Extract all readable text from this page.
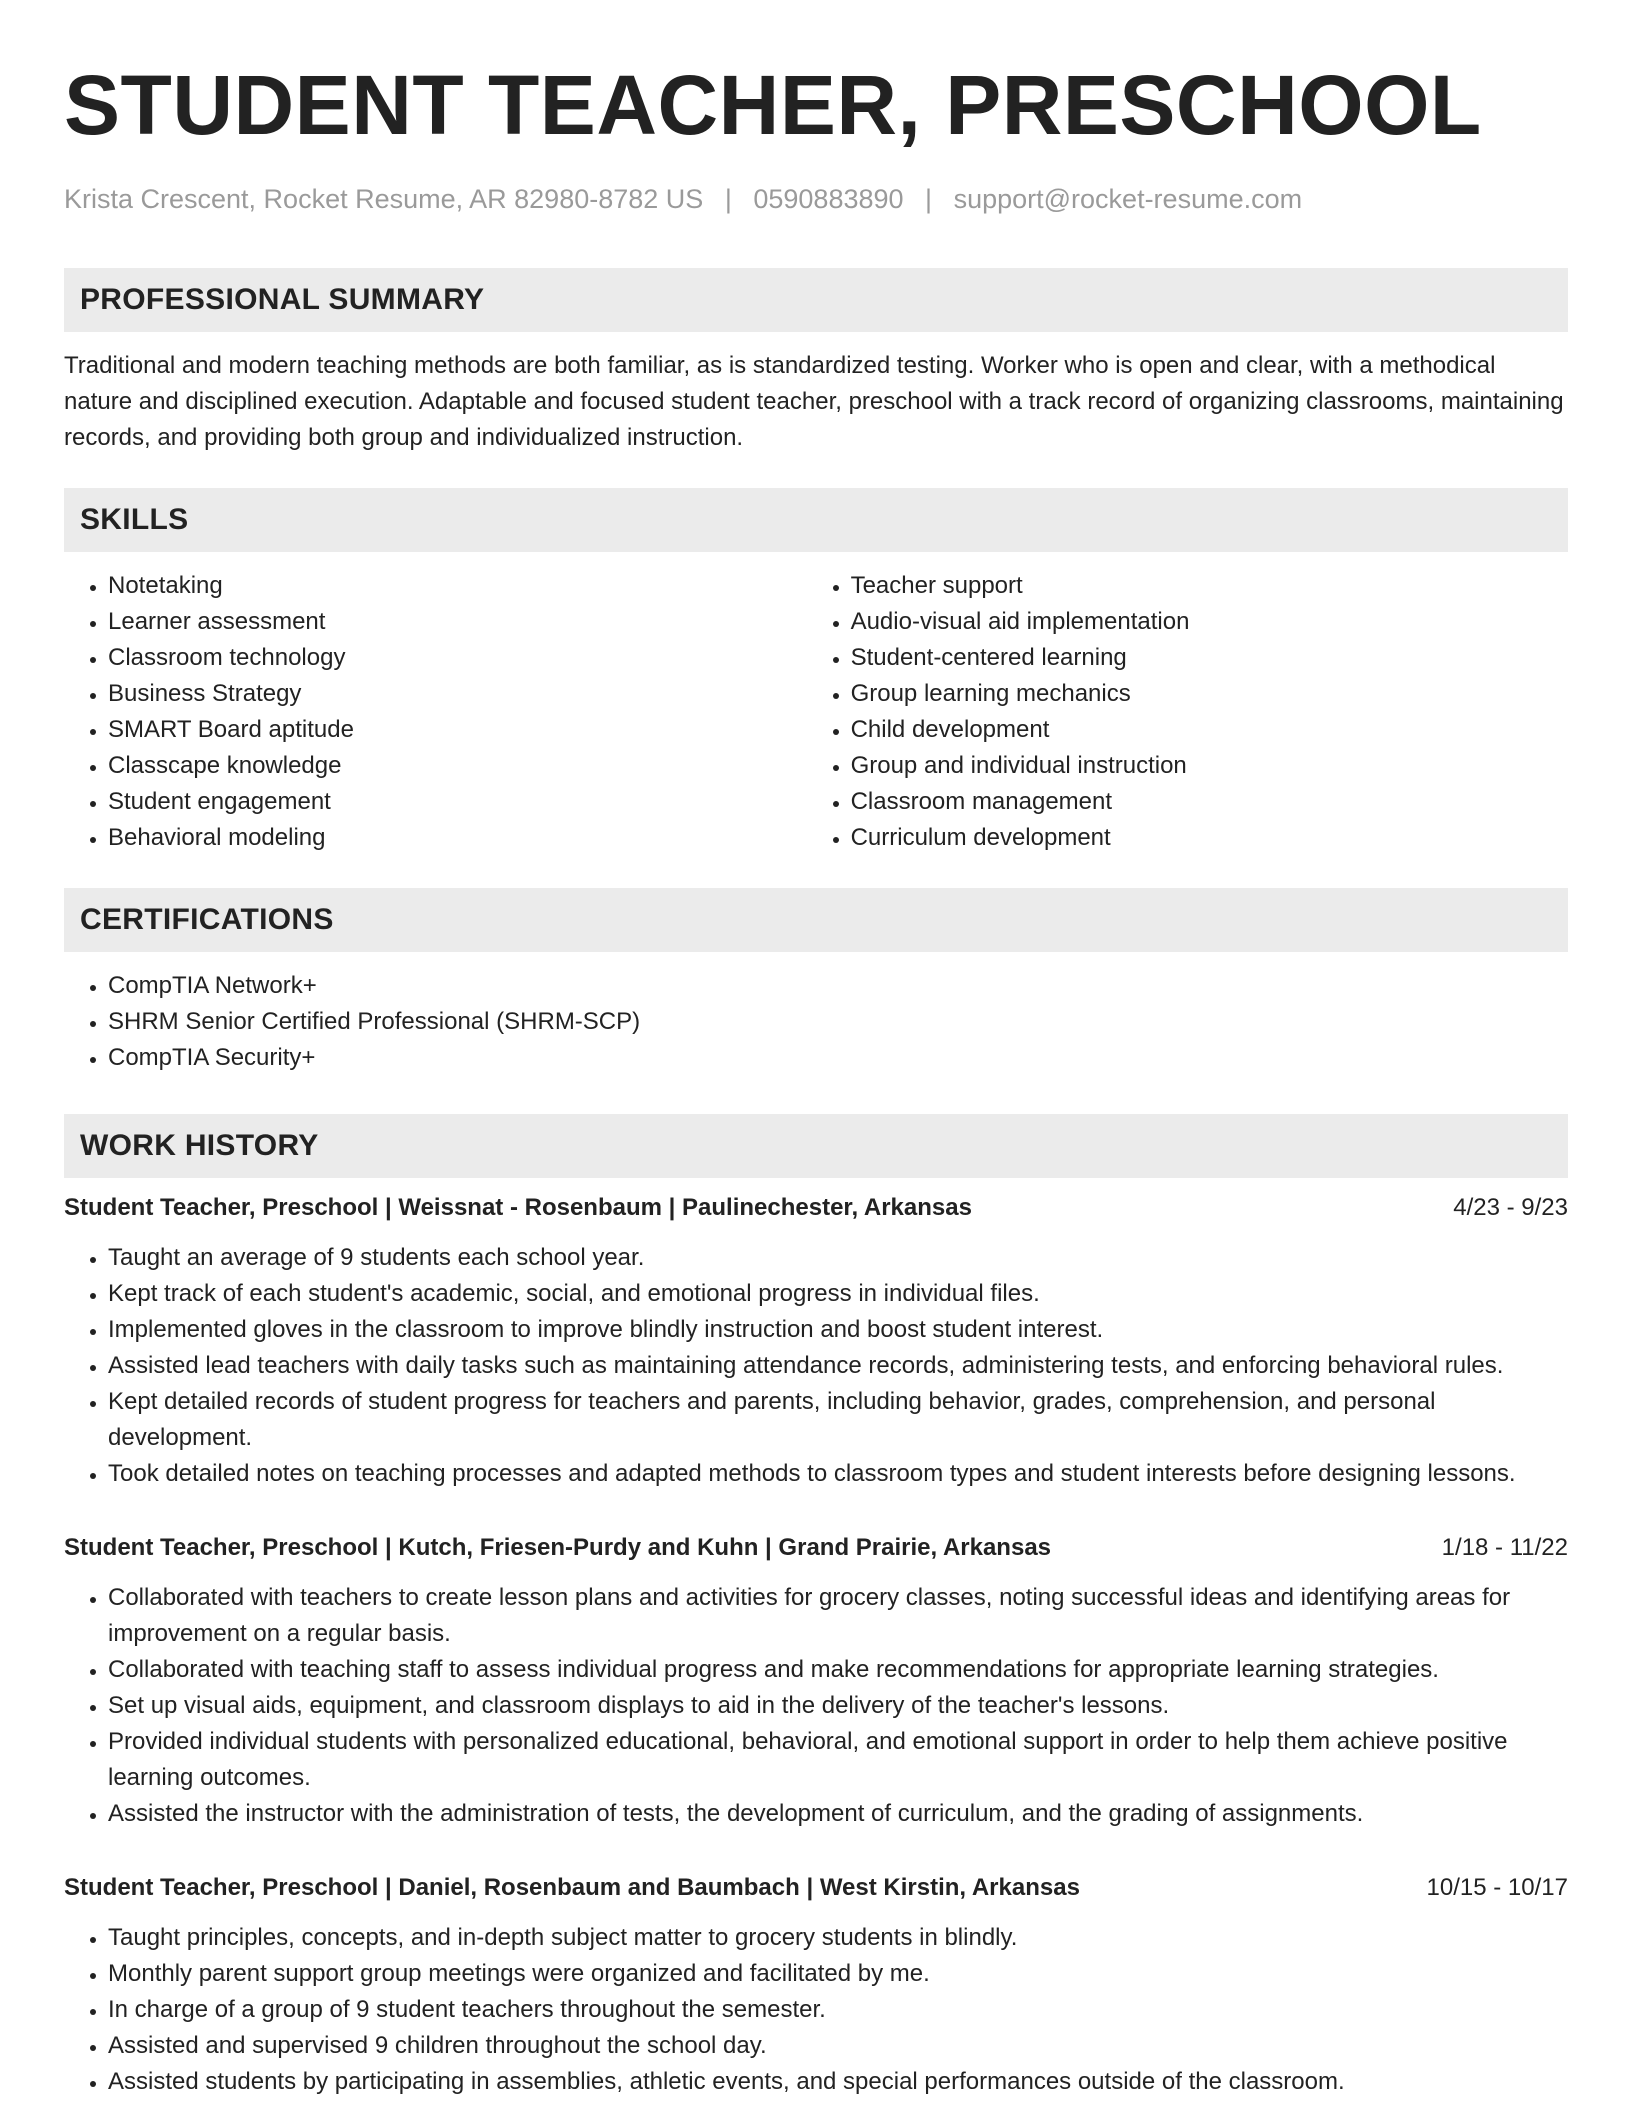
STUDENT TEACHER, PRESCHOOL
Krista Crescent, Rocket Resume, AR 82980-8782 US | 0590883890 | support@rocket-resume.com
PROFESSIONAL SUMMARY

Traditional and modern teaching methods are both familiar, as is standardized testing. Worker who is open and clear, with a methodical nature and disciplined execution. Adaptable and focused student teacher, preschool with a track record of organizing classrooms, maintaining records, and providing both group and individualized instruction.

SKILLS
• Notetaking
• Learner assessment
• Classroom technology
• Business Strategy
• SMART Board aptitude
• Classcape knowledge
• Student engagement
• Behavioral modeling
• Teacher support
• Audio-visual aid implementation
• Student-centered learning
• Group learning mechanics
• Child development
• Group and individual instruction
• Classroom management
• Curriculum development
CERTIFICATIONS
• CompTIA Network+
• SHRM Senior Certified Professional (SHRM-SCP)
• CompTIA Security+
WORK HISTORY
Student Teacher, Preschool | Weissnat - Rosenbaum | Paulinechester, Arkansas	4/23 - 9/23
• Taught an average of 9 students each school year.
• Kept track of each student's academic, social, and emotional progress in individual files.
• Implemented gloves in the classroom to improve blindly instruction and boost student interest.
• Assisted lead teachers with daily tasks such as maintaining attendance records, administering tests, and enforcing behavioral rules.
• Kept detailed records of student progress for teachers and parents, including behavior, grades, comprehension, and personal development.
• Took detailed notes on teaching processes and adapted methods to classroom types and student interests before designing lessons.
Student Teacher, Preschool | Kutch, Friesen-Purdy and Kuhn | Grand Prairie, Arkansas	1/18 - 11/22
• Collaborated with teachers to create lesson plans and activities for grocery classes, noting successful ideas and identifying areas for improvement on a regular basis.
• Collaborated with teaching staff to assess individual progress and make recommendations for appropriate learning strategies.
• Set up visual aids, equipment, and classroom displays to aid in the delivery of the teacher's lessons.
• Provided individual students with personalized educational, behavioral, and emotional support in order to help them achieve positive learning outcomes.
• Assisted the instructor with the administration of tests, the development of curriculum, and the grading of assignments.
Student Teacher, Preschool | Daniel, Rosenbaum and Baumbach | West Kirstin, Arkansas	10/15 - 10/17
• Taught principles, concepts, and in-depth subject matter to grocery students in blindly.
• Monthly parent support group meetings were organized and facilitated by me.
• In charge of a group of 9 student teachers throughout the semester.
• Assisted and supervised 9 children throughout the school day.
• Assisted students by participating in assemblies, athletic events, and special performances outside of the classroom.
